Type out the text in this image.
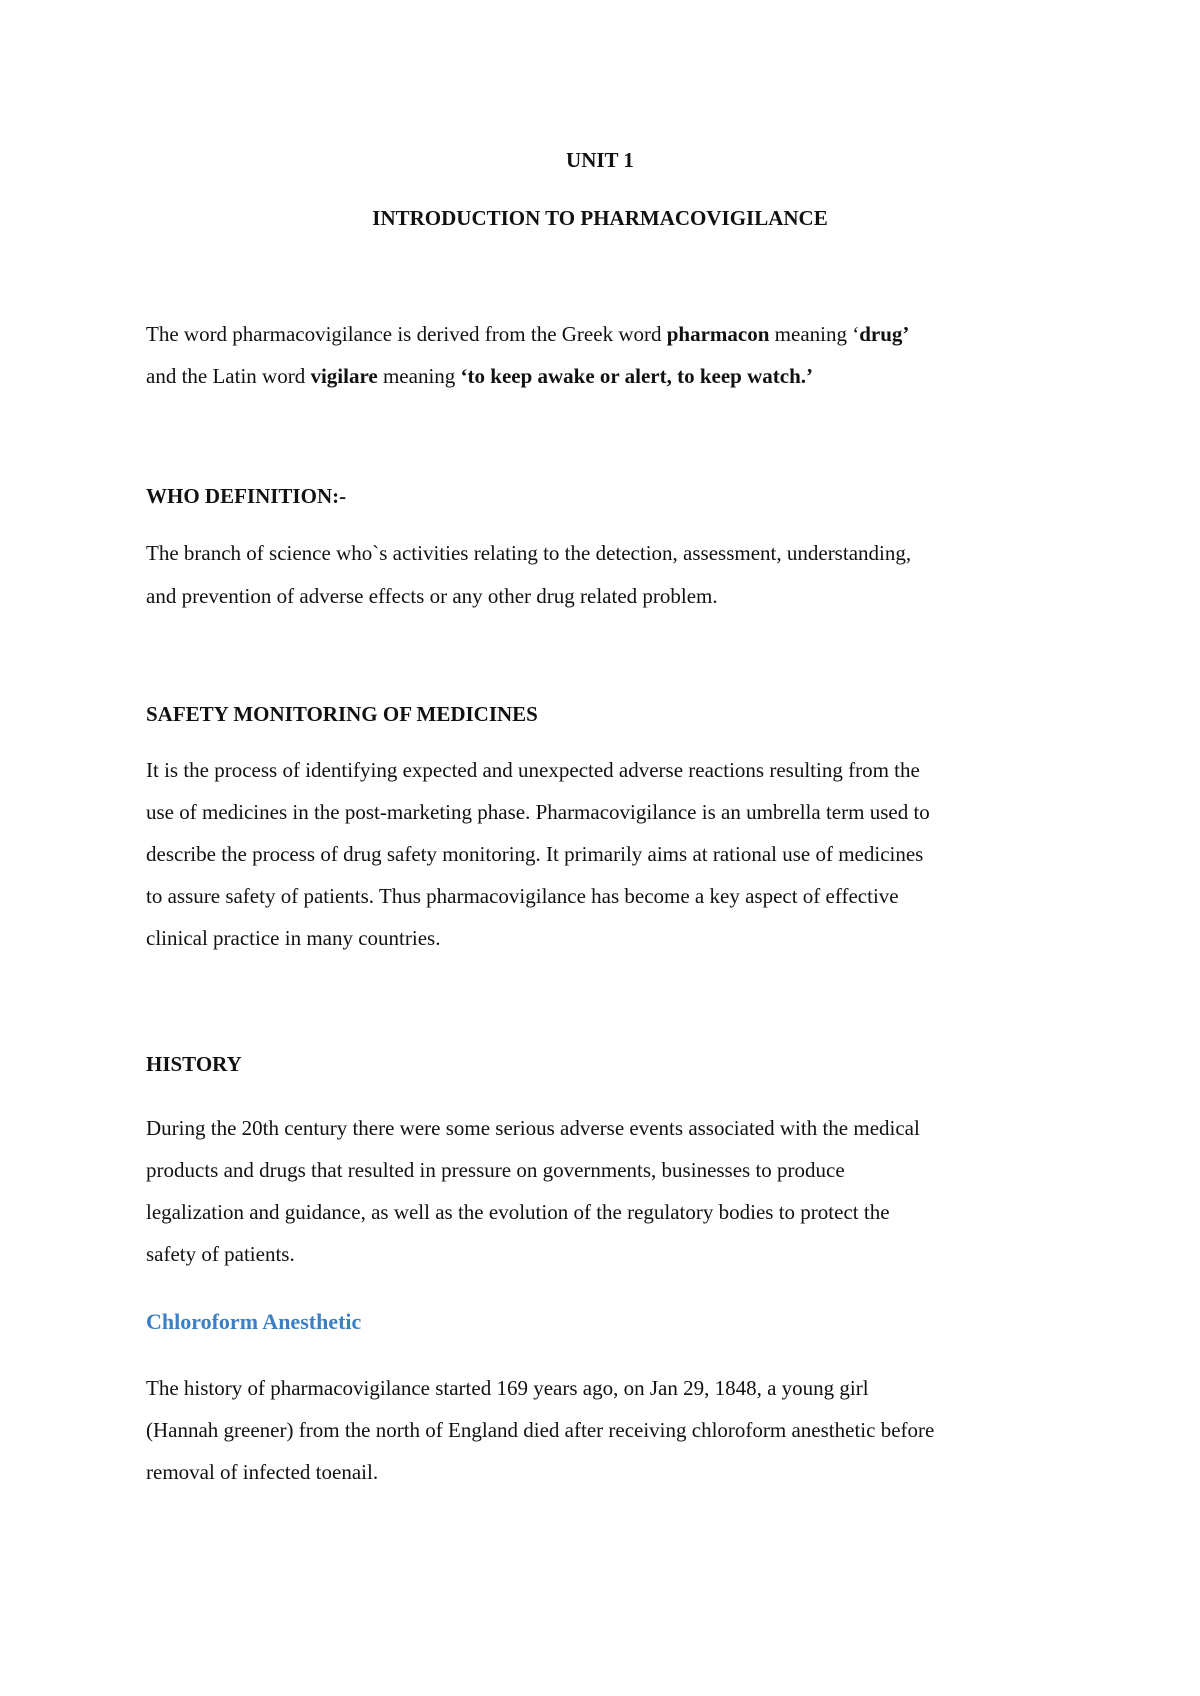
UNIT 1
INTRODUCTION TO PHARMACOVIGILANCE
The word pharmacovigilance is derived from the Greek word pharmacon meaning ‘drug’
and the Latin word vigilare meaning ‘to keep awake or alert, to keep watch.’
WHO DEFINITION:-
The branch of science who`s activities relating to the detection, assessment, understanding,
and prevention of adverse effects or any other drug related problem.
SAFETY MONITORING OF MEDICINES
It is the process of identifying expected and unexpected adverse reactions resulting from the
use of medicines in the post-marketing phase. Pharmacovigilance is an umbrella term used to
describe the process of drug safety monitoring. It primarily aims at rational use of medicines
to assure safety of patients. Thus pharmacovigilance has become a key aspect of effective
clinical practice in many countries.
HISTORY
During the 20th century there were some serious adverse events associated with the medical
products and drugs that resulted in pressure on governments, businesses to produce
legalization and guidance, as well as the evolution of the regulatory bodies to protect the
safety of patients.
Chloroform Anesthetic
The history of pharmacovigilance started 169 years ago, on Jan 29, 1848, a young girl
(Hannah greener) from the north of England died after receiving chloroform anesthetic before
removal of infected toenail.
